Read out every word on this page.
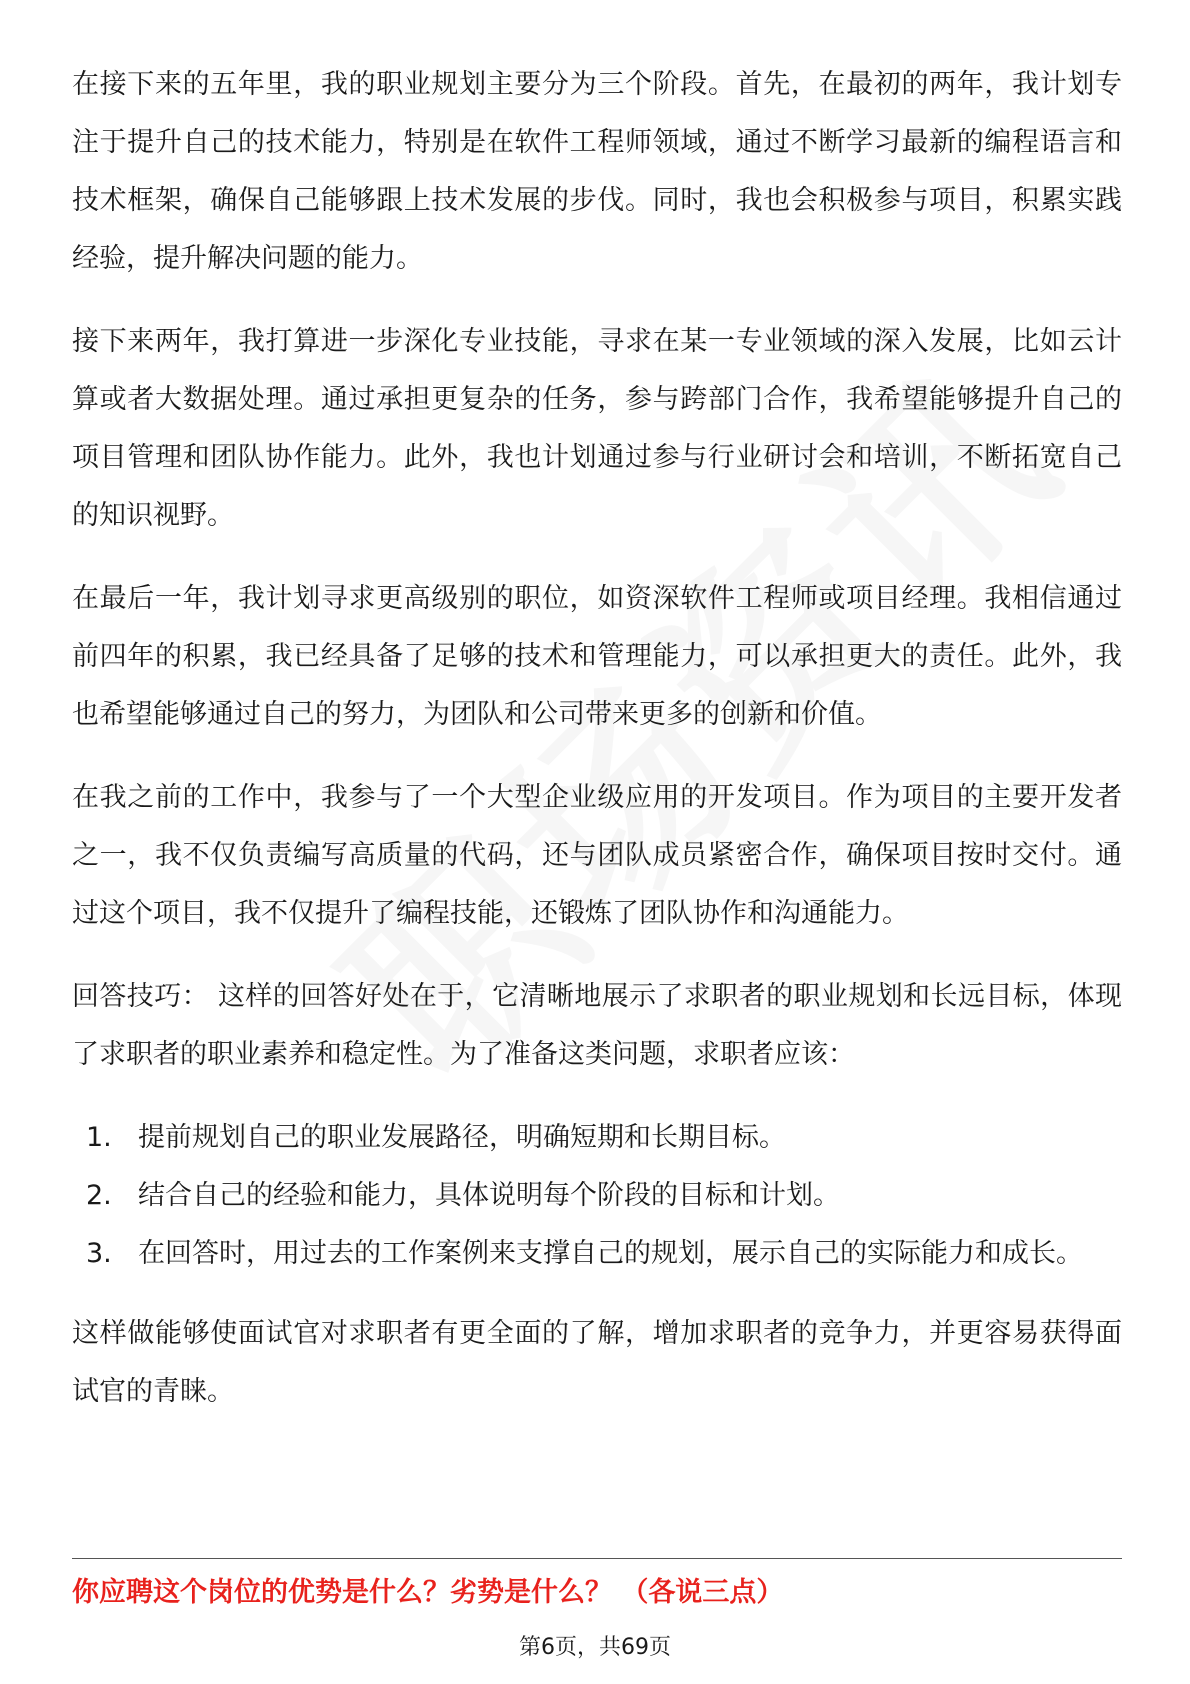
在接下来的五年里，我的职业规划主要分为三个阶段。首先，在最初的两年，我计划专注于提升自己的技术能力，特别是在软件工程师领域，通过不断学习最新的编程语言和技术框架，确保自己能够跟上技术发展的步伐。同时，我也会积极参与项目，积累实践经验，提升解决问题的能力。

接下来两年，我打算进一步深化专业技能，寻求在某一专业领域的深入发展，比如云计算或者大数据处理。通过承担更复杂的任务，参与跨部门合作，我希望能够提升自己的项目管理和团队协作能力。此外，我也计划通过参与行业研讨会和培训，不断拓宽自己的知识视野。

在最后一年，我计划寻求更高级别的职位，如资深软件工程师或项目经理。我相信通过前四年的积累，我已经具备了足够的技术和管理能力，可以承担更大的责任。此外，我也希望能够通过自己的努力，为团队和公司带来更多的创新和价值。

在我之前的工作中，我参与了一个大型企业级应用的开发项目。作为项目的主要开发者之一，我不仅负责编写高质量的代码，还与团队成员紧密合作，确保项目按时交付。通过这个项目，我不仅提升了编程技能，还锻炼了团队协作和沟通能力。

回答技巧： 这样的回答好处在于，它清晰地展示了求职者的职业规划和长远目标，体现了求职者的职业素养和稳定性。为了准备这类问题，求职者应该：

1. 提前规划自己的职业发展路径，明确短期和长期目标。
2. 结合自己的经验和能力，具体说明每个阶段的目标和计划。
3. 在回答时，用过去的工作案例来支撑自己的规划，展示自己的实际能力和成长。

这样做能够使面试官对求职者有更全面的了解，增加求职者的竞争力，并更容易获得面试官的青睐。

你应聘这个岗位的优势是什么？劣势是什么？ （各说三点）
第6页，共69页
